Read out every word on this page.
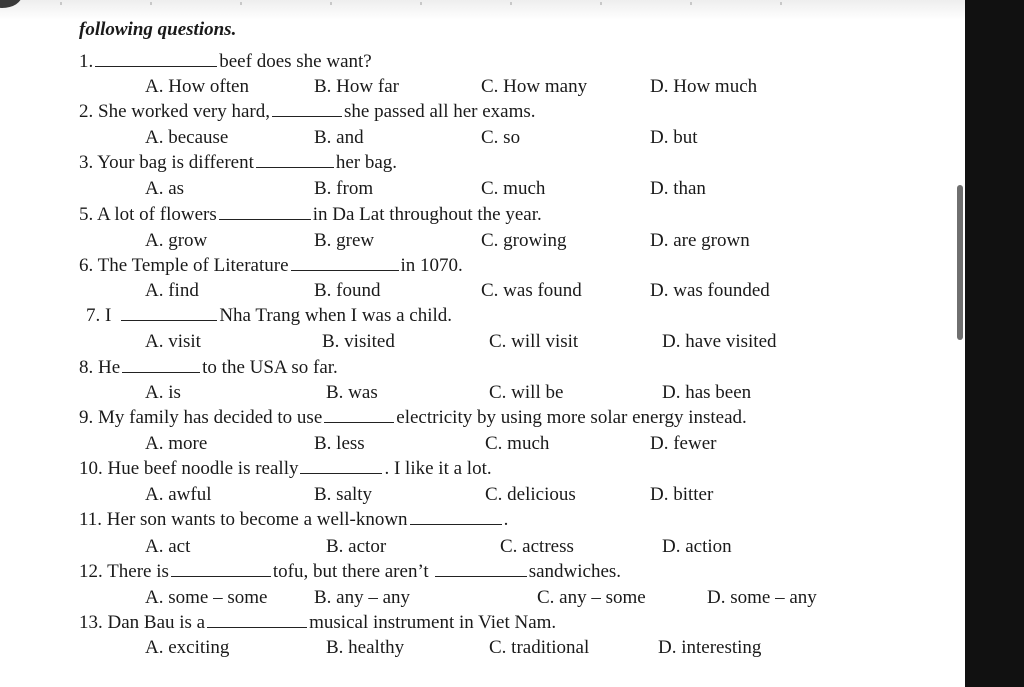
following questions.
1.	beef does she want?
A. How often	B. How far	C. How many	D. How much
2. She worked very hard,	she passed all her exams.
A. because	B. and	C. so	D. but
3. Your bag is different	her bag.
A. as	B. from	C. much	D. than
5. A lot of flowers	in Da Lat throughout the year.
A. grow	B. grew	C. growing	D. are grown
6. The Temple of Literature	in 1070.
A. find	B. found	C. was found	D. was founded
7. I	Nha Trang when I was a child.
A. visit	B. visited	C. will visit	D. have visited
8. He	to the USA so far.
A. is	B. was	C. will be	D. has been
9. My family has decided to use	electricity by using more solar energy instead.
A. more	B. less	C. much	D. fewer
10. Hue beef noodle is really	. I like it a lot.
A. awful	B. salty	C. delicious	D. bitter
11. Her son wants to become a well-known	.
A. act	B. actor	C. actress	D. action
12. There is	tofu, but there aren’t	sandwiches.
A. some – some B. any – any	C. any – some	D. some – any
13. Dan Bau is a	musical instrument in Viet Nam.
A. exciting	B. healthy	C. traditional	D. interesting
